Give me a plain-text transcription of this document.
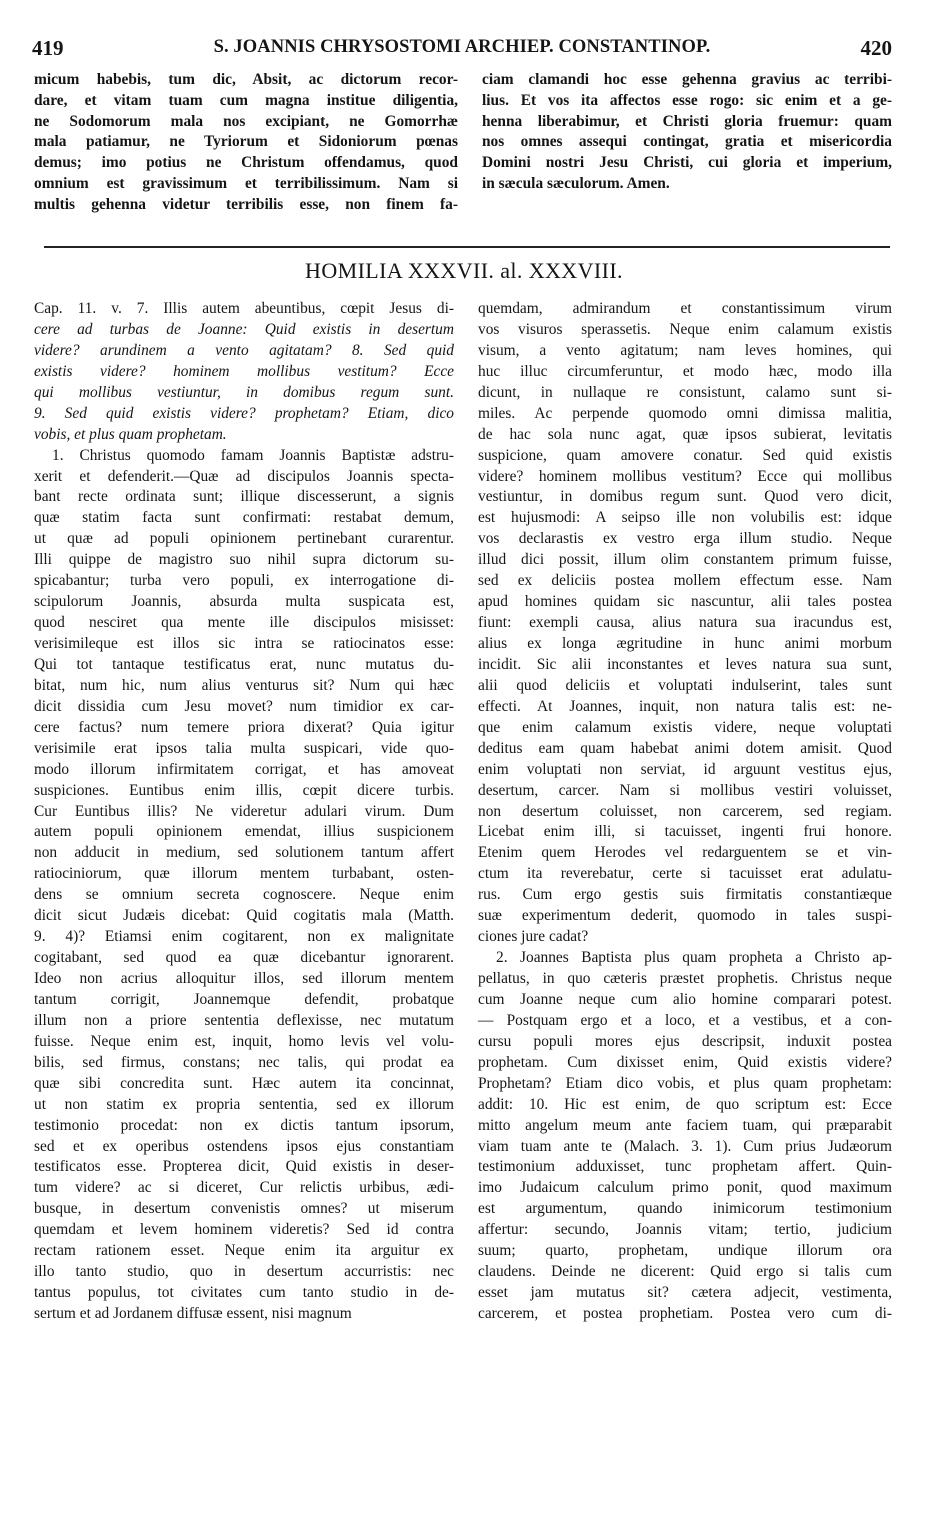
419	S. JOANNIS CHRYSOSTOMI ARCHIEP. CONSTANTINOP.	420
micum habebis, tum dic, Absit, ac dictorum recor-
dare, et vitam tuam cum magna institue diligentia,
ne Sodomorum mala nos excipiant, ne Gomorrhæ
mala patiamur, ne Tyriorum et Sidoniorum pœnas
demus; imo potius ne Christum offendamus, quod
omnium est gravissimum et terribilissimum. Nam si
multis gehenna videtur terribilis esse, non finem fa-
ciam clamandi hoc esse gehenna gravius ac terribi-
lius. Et vos ita affectos esse rogo: sic enim et a ge-
henna liberabimur, et Christi gloria fruemur: quam
nos omnes assequi contingat, gratia et misericordia
Domini nostri Jesu Christi, cui gloria et imperium,
in sæcula sæculorum. Amen.
HOMILIA XXXVII. al. XXXVIII.
Cap. 11. v. 7. Illis autem abeuntibus, cœpit Jesus di-
cere ad turbas de Joanne: Quid existis in desertum
videre? arundinem a vento agitatam? 8. Sed quid
existis videre? hominem mollibus vestitum? Ecce
qui mollibus vestiuntur, in domibus regum sunt.
9. Sed quid existis videre? prophetam? Etiam, dico
vobis, et plus quam prophetam.
1. Christus quomodo famam Joannis Baptistæ adstru-
xerit et defenderit.—Quæ ad discipulos Joannis specta-
bant recte ordinata sunt; illique discesserunt, a signis
quæ statim facta sunt confirmati: restabat demum,
ut quæ ad populi opinionem pertinebant curarentur.
Illi quippe de magistro suo nihil supra dictorum su-
spicabantur; turba vero populi, ex interrogatione di-
scipulorum Joannis, absurda multa suspicata est,
quod nesciret qua mente ille discipulos misisset:
verisimileque est illos sic intra se ratiocinatos esse:
Qui tot tantaque testificatus erat, nunc mutatus du-
bitat, num hic, num alius venturus sit? Num qui hæc
dicit dissidia cum Jesu movet? num timidior ex car-
cere factus? num temere priora dixerat? Quia igitur
verisimile erat ipsos talia multa suspicari, vide quo-
modo illorum infirmitatem corrigat, et has amoveat
suspiciones. Euntibus enim illis, cœpit dicere turbis.
Cur Euntibus illis? Ne videretur adulari virum. Dum
autem populi opinionem emendat, illius suspicionem
non adducit in medium, sed solutionem tantum affert
ratiociniorum, quæ illorum mentem turbabant, osten-
dens se omnium secreta cognoscere. Neque enim
dicit sicut Judæis dicebat: Quid cogitatis mala (Matth.
9. 4)? Etiamsi enim cogitarent, non ex malignitate
cogitabant, sed quod ea quæ dicebantur ignorarent.
Ideo non acrius alloquitur illos, sed illorum mentem
tantum corrigit, Joannemque defendit, probatque
illum non a priore sententia deflexisse, nec mutatum
fuisse. Neque enim est, inquit, homo levis vel volu-
bilis, sed firmus, constans; nec talis, qui prodat ea
quæ sibi concredita sunt. Hæc autem ita concinnat,
ut non statim ex propria sententia, sed ex illorum
testimonio procedat: non ex dictis tantum ipsorum,
sed et ex operibus ostendens ipsos ejus constantiam
testificatos esse. Propterea dicit, Quid existis in deser-
tum videre? ac si diceret, Cur relictis urbibus, ædi-
busque, in desertum convenistis omnes? ut miserum
quemdam et levem hominem videretis? Sed id contra
rectam rationem esset. Neque enim ita arguitur ex
illo tanto studio, quo in desertum accurristis: nec
tantus populus, tot civitates cum tanto studio in de-
sertum et ad Jordanem diffusæ essent, nisi magnum
quemdam, admirandum et constantissimum virum
vos visuros sperassetis. Neque enim calamum existis
visum, a vento agitatum; nam leves homines, qui
huc illuc circumferuntur, et modo hæc, modo illa
dicunt, in nullaque re consistunt, calamo sunt si-
miles. Ac perpende quomodo omni dimissa malitia,
de hac sola nunc agat, quæ ipsos subierat, levitatis
suspicione, quam amovere conatur. Sed quid existis
videre? hominem mollibus vestitum? Ecce qui mollibus
vestiuntur, in domibus regum sunt. Quod vero dicit,
est hujusmodi: A seipso ille non volubilis est: idque
vos declarastis ex vestro erga illum studio. Neque
illud dici possit, illum olim constantem primum fuisse,
sed ex deliciis postea mollem effectum esse. Nam
apud homines quidam sic nascuntur, alii tales postea
fiunt: exempli causa, alius natura sua iracundus est,
alius ex longa ægritudine in hunc animi morbum
incidit. Sic alii inconstantes et leves natura sua sunt,
alii quod deliciis et voluptati indulserint, tales sunt
effecti. At Joannes, inquit, non natura talis est: ne-
que enim calamum existis videre, neque voluptati
deditus eam quam habebat animi dotem amisit. Quod
enim voluptati non serviat, id arguunt vestitus ejus,
desertum, carcer. Nam si mollibus vestiri voluisset,
non desertum coluisset, non carcerem, sed regiam.
Licebat enim illi, si tacuisset, ingenti frui honore.
Etenim quem Herodes vel redarguentem se et vin-
ctum ita reverebatur, certe si tacuisset erat adulatu-
rus. Cum ergo gestis suis firmitatis constantiæque
suæ experimentum dederit, quomodo in tales suspi-
ciones jure cadat?
2. Joannes Baptista plus quam propheta a Christo ap-
pellatus, in quo cæteris præstet prophetis. Christus neque
cum Joanne neque cum alio homine comparari potest.
— Postquam ergo et a loco, et a vestibus, et a con-
cursu populi mores ejus descripsit, induxit postea
prophetam. Cum dixisset enim, Quid existis videre?
Prophetam? Etiam dico vobis, et plus quam prophetam:
addit: 10. Hic est enim, de quo scriptum est: Ecce
mitto angelum meum ante faciem tuam, qui præparabit
viam tuam ante te (Malach. 3. 1). Cum prius Judæorum
testimonium adduxisset, tunc prophetam affert. Quin-
imo Judaicum calculum primo ponit, quod maximum
est argumentum, quando inimicorum testimonium
affertur: secundo, Joannis vitam; tertio, judicium
suum; quarto, prophetam, undique illorum ora
claudens. Deinde ne dicerent: Quid ergo si talis cum
esset jam mutatus sit? cætera adjecit, vestimenta,
carcerem, et postea prophetiam. Postea vero cum di-
